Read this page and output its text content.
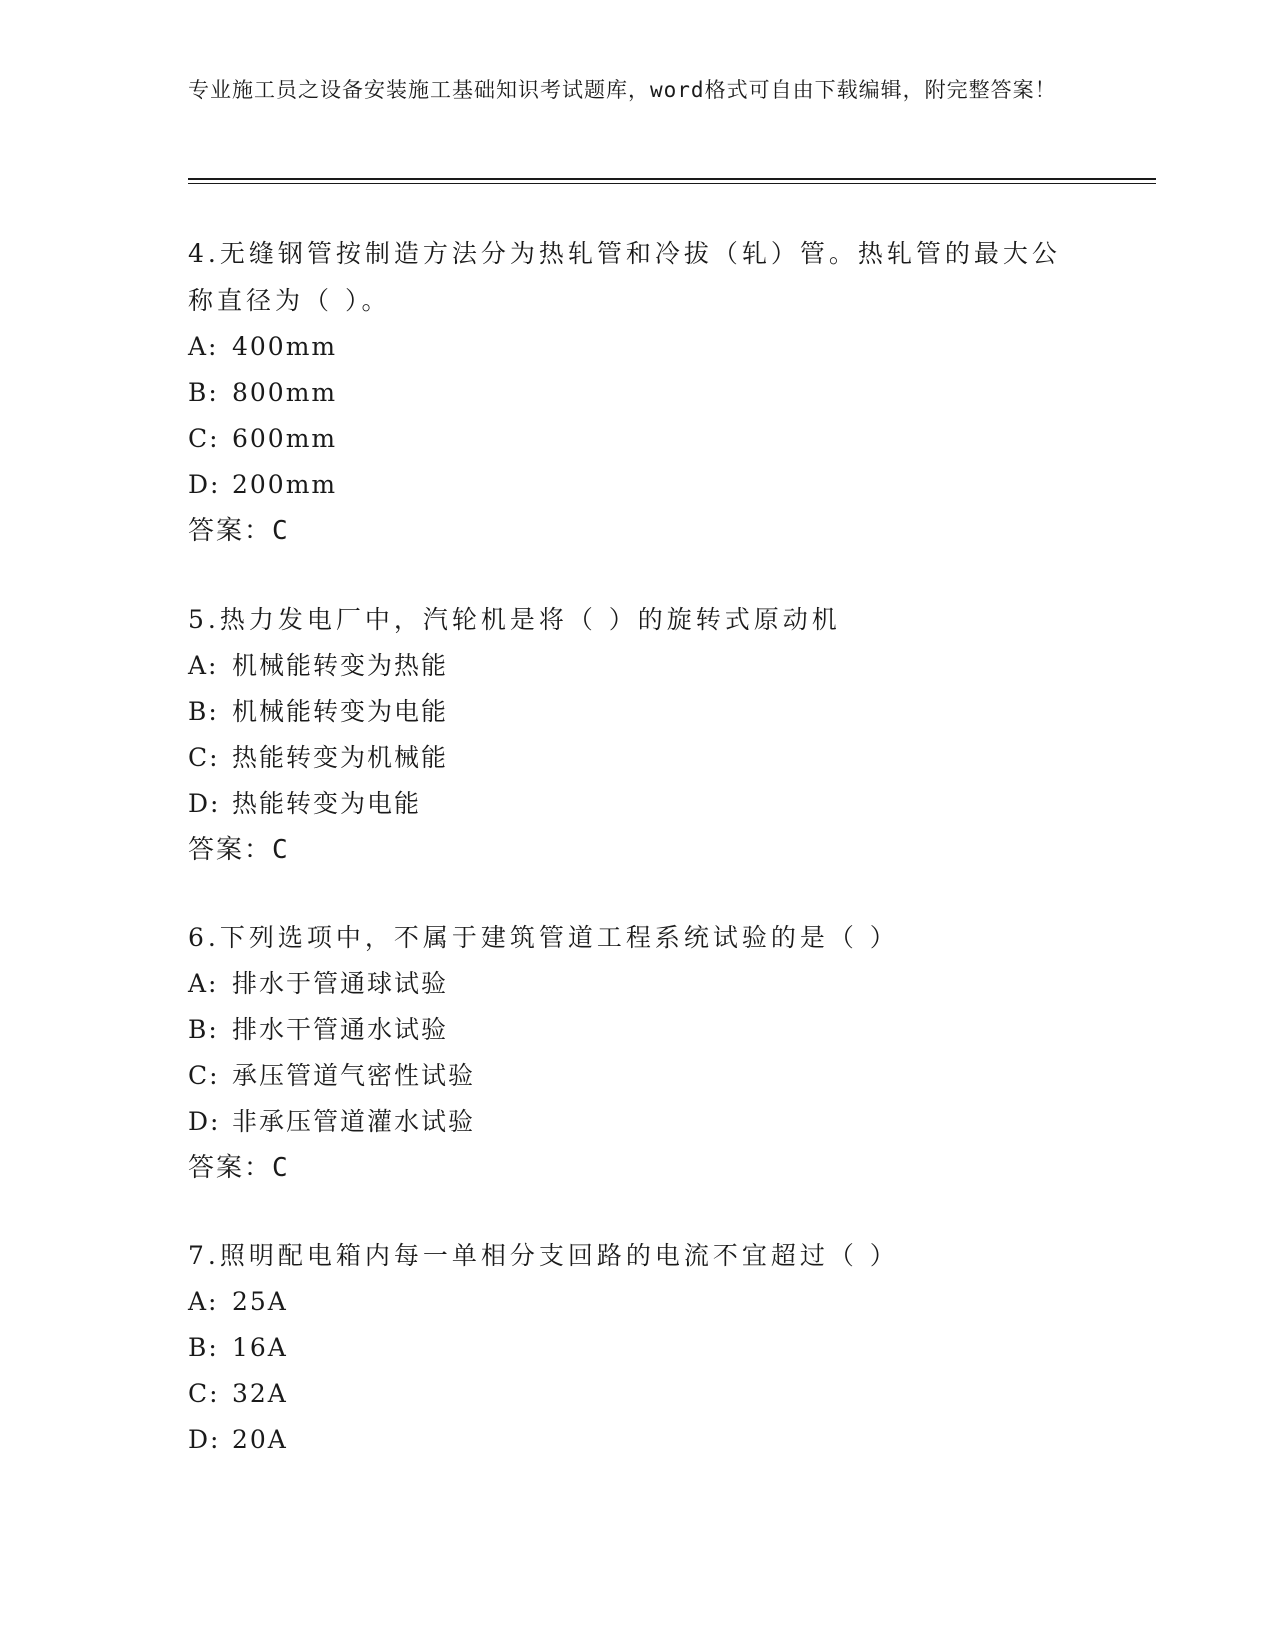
专业施工员之设备安装施工基础知识考试题库，word格式可自由下载编辑，附完整答案！
4.无缝钢管按制造方法分为热轧管和冷拔（轧）管。热轧管的最大公称直径为（ ）。
A: 400mm
B: 800mm
C: 600mm
D: 200mm
答案：C
5.热力发电厂中，汽轮机是将（ ）的旋转式原动机
A: 机械能转变为热能
B: 机械能转变为电能
C: 热能转变为机械能
D: 热能转变为电能
答案：C
6.下列选项中，不属于建筑管道工程系统试验的是（ ）
A: 排水于管通球试验
B: 排水干管通水试验
C: 承压管道气密性试验
D: 非承压管道灌水试验
答案：C
7.照明配电箱内每一单相分支回路的电流不宜超过（ ）
A: 25A
B: 16A
C: 32A
D: 20A
